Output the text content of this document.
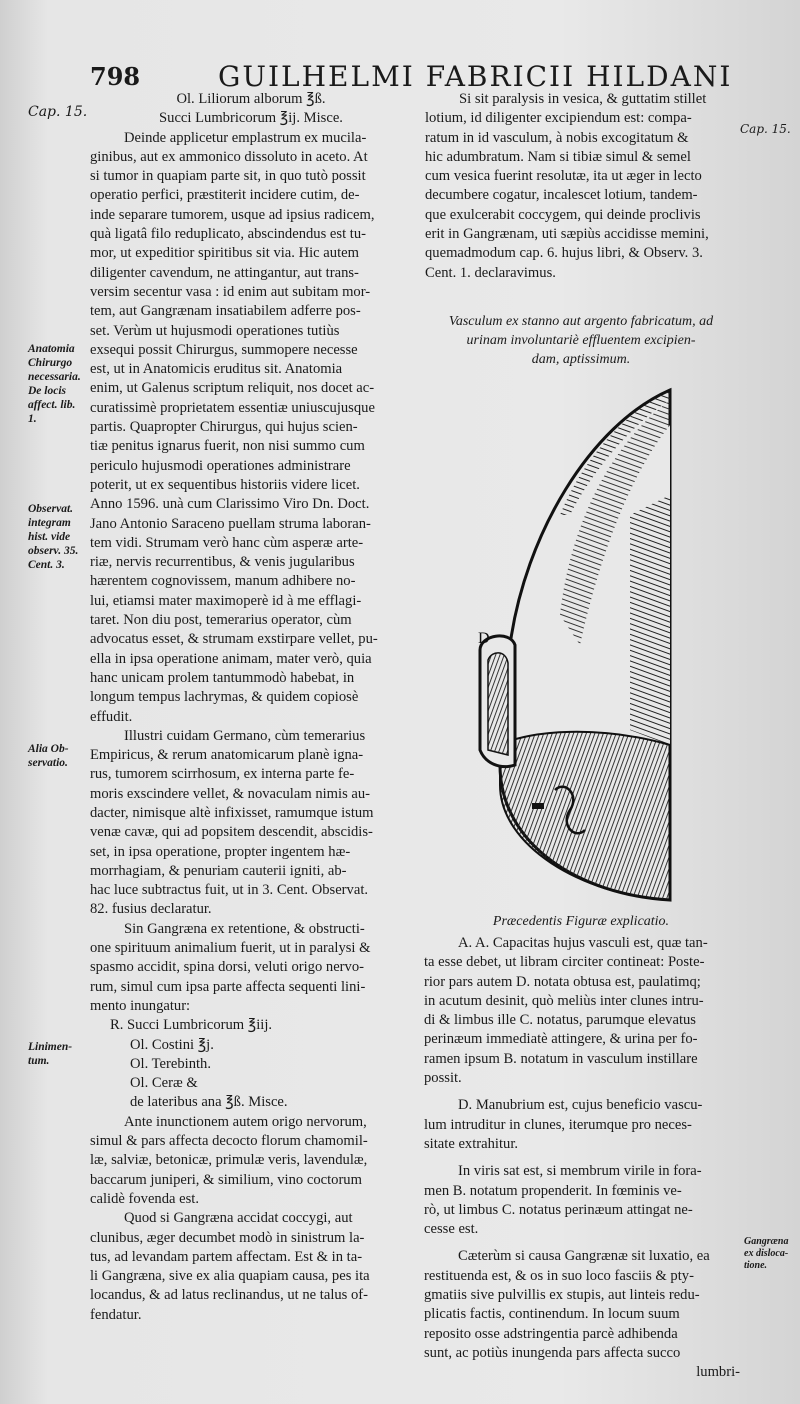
798	GUILHELMI FABRICII HILDANI
Cap. 15.
Cap. 15.

Ol. Liliorum alborum ℥ß.

Succi Lumbricorum ℥ij. Misce.

Deinde applicetur emplastrum ex mucila-

ginibus, aut ex ammonico dissoluto in aceto. At

si tumor in quapiam parte sit, in quo tutò possit

operatio perfici, præstiterit incidere cutim, de-

inde separare tumorem, usque ad ipsius radicem,

quà ligatâ filo reduplicato, abscindendus est tu-

mor, ut expeditior spiritibus sit via. Hic autem

diligenter cavendum, ne attingantur, aut trans-

versim secentur vasa : id enim aut subitam mor-

tem, aut Gangrænam insatiabilem adferre pos-

set. Verùm ut hujusmodi operationes tutiùs

exsequi possit Chirurgus, summopere necesse

est, ut in Anatomicis eruditus sit. Anatomia

enim, ut Galenus scriptum reliquit, nos docet ac-

curatissimè proprietatem essentiæ uniuscujusque

partis. Quapropter Chirurgus, qui hujus scien-

tiæ penitus ignarus fuerit, non nisi summo cum

periculo hujusmodi operationes administrare

poterit, ut ex sequentibus historiis videre licet.

Anno 1596. unà cum Clarissimo Viro Dn. Doct.

Jano Antonio Saraceno puellam struma laboran-

tem vidi. Strumam verò hanc cùm asperæ arte-

riæ, nervis recurrentibus, & venis jugularibus

hærentem cognovissem, manum adhibere no-

lui, etiamsi mater maximoperè id à me efflagi-

taret. Non diu post, temerarius operator, cùm

advocatus esset, & strumam exstirpare vellet, pu-

ella in ipsa operatione animam, mater verò, quia

hanc unicam prolem tantummodò habebat, in

longum tempus lachrymas, & quidem copiosè

effudit.

Illustri cuidam Germano, cùm temerarius

Empiricus, & rerum anatomicarum planè igna-

rus, tumorem scirrhosum, ex interna parte fe-

moris exscindere vellet, & novaculam nimis au-

dacter, nimisque altè infixisset, ramumque istum

venæ cavæ, qui ad popsitem descendit, abscidis-

set, in ipsa operatione, propter ingentem hæ-

morrhagiam, & penuriam cauterii igniti, ab-

hac luce subtractus fuit, ut in 3. Cent. Observat.

82. fusius declaratur.

Sin Gangræna ex retentione, & obstructi-

one spirituum animalium fuerit, ut in paralysi &

spasmo accidit, spina dorsi, veluti origo nervo-

rum, simul cum ipsa parte affecta sequenti lini-

mento inungatur:

R. Succi Lumbricorum ℥iij.

Ol. Costini ℥j.

Ol. Terebinth.

Ol. Ceræ &

de lateribus ana ℥ß. Misce.

Ante inunctionem autem origo nervorum,

simul & pars affecta decocto florum chamomil-

læ, salviæ, betonicæ, primulæ veris, lavendulæ,

baccarum juniperi, & similium, vino coctorum

calidè fovenda est.

Quod si Gangræna accidat coccygi, aut

clunibus, æger decumbet modò in sinistrum la-

tus, ad levandam partem affectam. Est & in ta-

li Gangræna, sive ex alia quapiam causa, pes ita

locandus, & ad latus reclinandus, ut ne talus of-

fendatur.

Anatomia
Chirurgo
necessaria.
De locis
affect. lib.
1.
Observat.
integram
hist. vide
observ. 35.
Cent. 3.
Alia Ob-
servatio.
Linimen-
tum.
Gangræna
ex disloca-
tione.

Si sit paralysis in vesica, & guttatim stillet

lotium, id diligenter excipiendum est: compa-

ratum in id vasculum, à nobis excogitatum &

hic adumbratum. Nam si tibiæ simul & semel

cum vesica fuerint resolutæ, ita ut æger in lecto

decumbere cogatur, incalescet lotium, tandem-

que exulcerabit coccygem, qui deinde proclivis

erit in Gangrænam, uti sæpiùs accidisse memini,

quemadmodum cap. 6. hujus libri, & Observ. 3.

Cent. 1. declaravimus.

Vasculum ex stanno aut argento fabricatum, ad
urinam involuntariè effluentem excipien-
dam, aptissimum.
D
Præcedentis Figuræ explicatio.

A. A. Capacitas hujus vasculi est, quæ tan-

ta esse debet, ut libram circiter contineat: Poste-

rior pars autem D. notata obtusa est, paulatimq;

in acutum desinit, quò meliùs inter clunes intru-

di & limbus ille C. notatus, parumque elevatus

perinæum immediatè attingere, & urina per fo-

ramen ipsum B. notatum in vasculum instillare

possit.

D. Manubrium est, cujus beneficio vascu-

lum intruditur in clunes, iterumque pro neces-

sitate extrahitur.

In viris sat est, si membrum virile in fora-

men B. notatum propenderit. In fœminis ve-

rò, ut limbus C. notatus perinæum attingat ne-

cesse est.

Cæterùm si causa Gangrænæ sit luxatio, ea

restituenda est, & os in suo loco fasciis & pty-

gmatiis sive pulvillis ex stupis, aut linteis redu-

plicatis factis, continendum. In locum suum

reposito osse adstringentia parcè adhibenda

sunt, ac potiùs inungenda pars affecta succo

lumbri-
